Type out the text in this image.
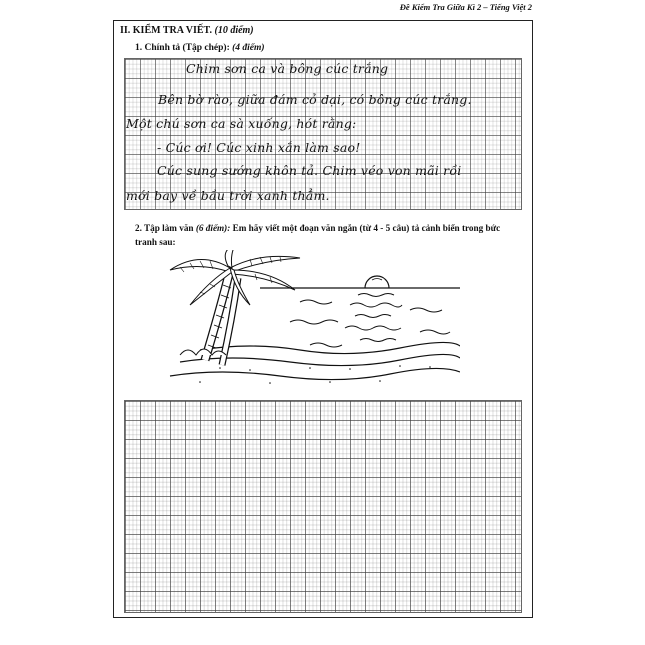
Đề Kiểm Tra Giữa Kì 2 – Tiếng Việt 2
II. KIỂM TRA VIẾT. (10 điểm)
1. Chính tả (Tập chép): (4 điểm)
Chim sơn ca và bông cúc trắng
Bên bờ rào, giữa đám cỏ dại, có bông cúc trắng.
Một chú sơn ca sà xuống, hót rằng:
- Cúc ơi! Cúc xinh xắn làm sao!
Cúc sung sướng khôn tả. Chim véo von mãi rồi
mới bay về bầu trời xanh thẳm.
2. Tập làm văn (6 điểm): Em hãy viết một đoạn văn ngắn (từ 4 - 5 câu) tả cảnh biển trong bức tranh sau:
